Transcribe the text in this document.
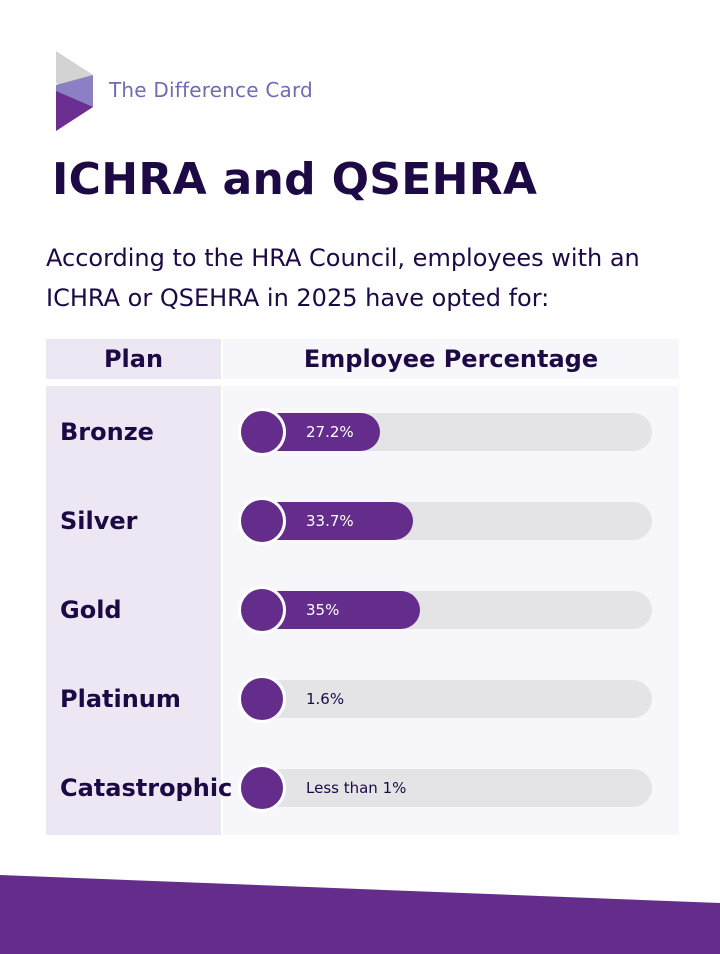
The Difference Card
ICHRA and QSEHRA

According to the HRA Council, employees with an ICHRA or QSEHRA in 2025 have opted for:

Plan	Employee Percentage
Bronze	27.2%
Silver	33.7%
Gold	35%
Platinum	1.6%
Catastrophic	Less than 1%
